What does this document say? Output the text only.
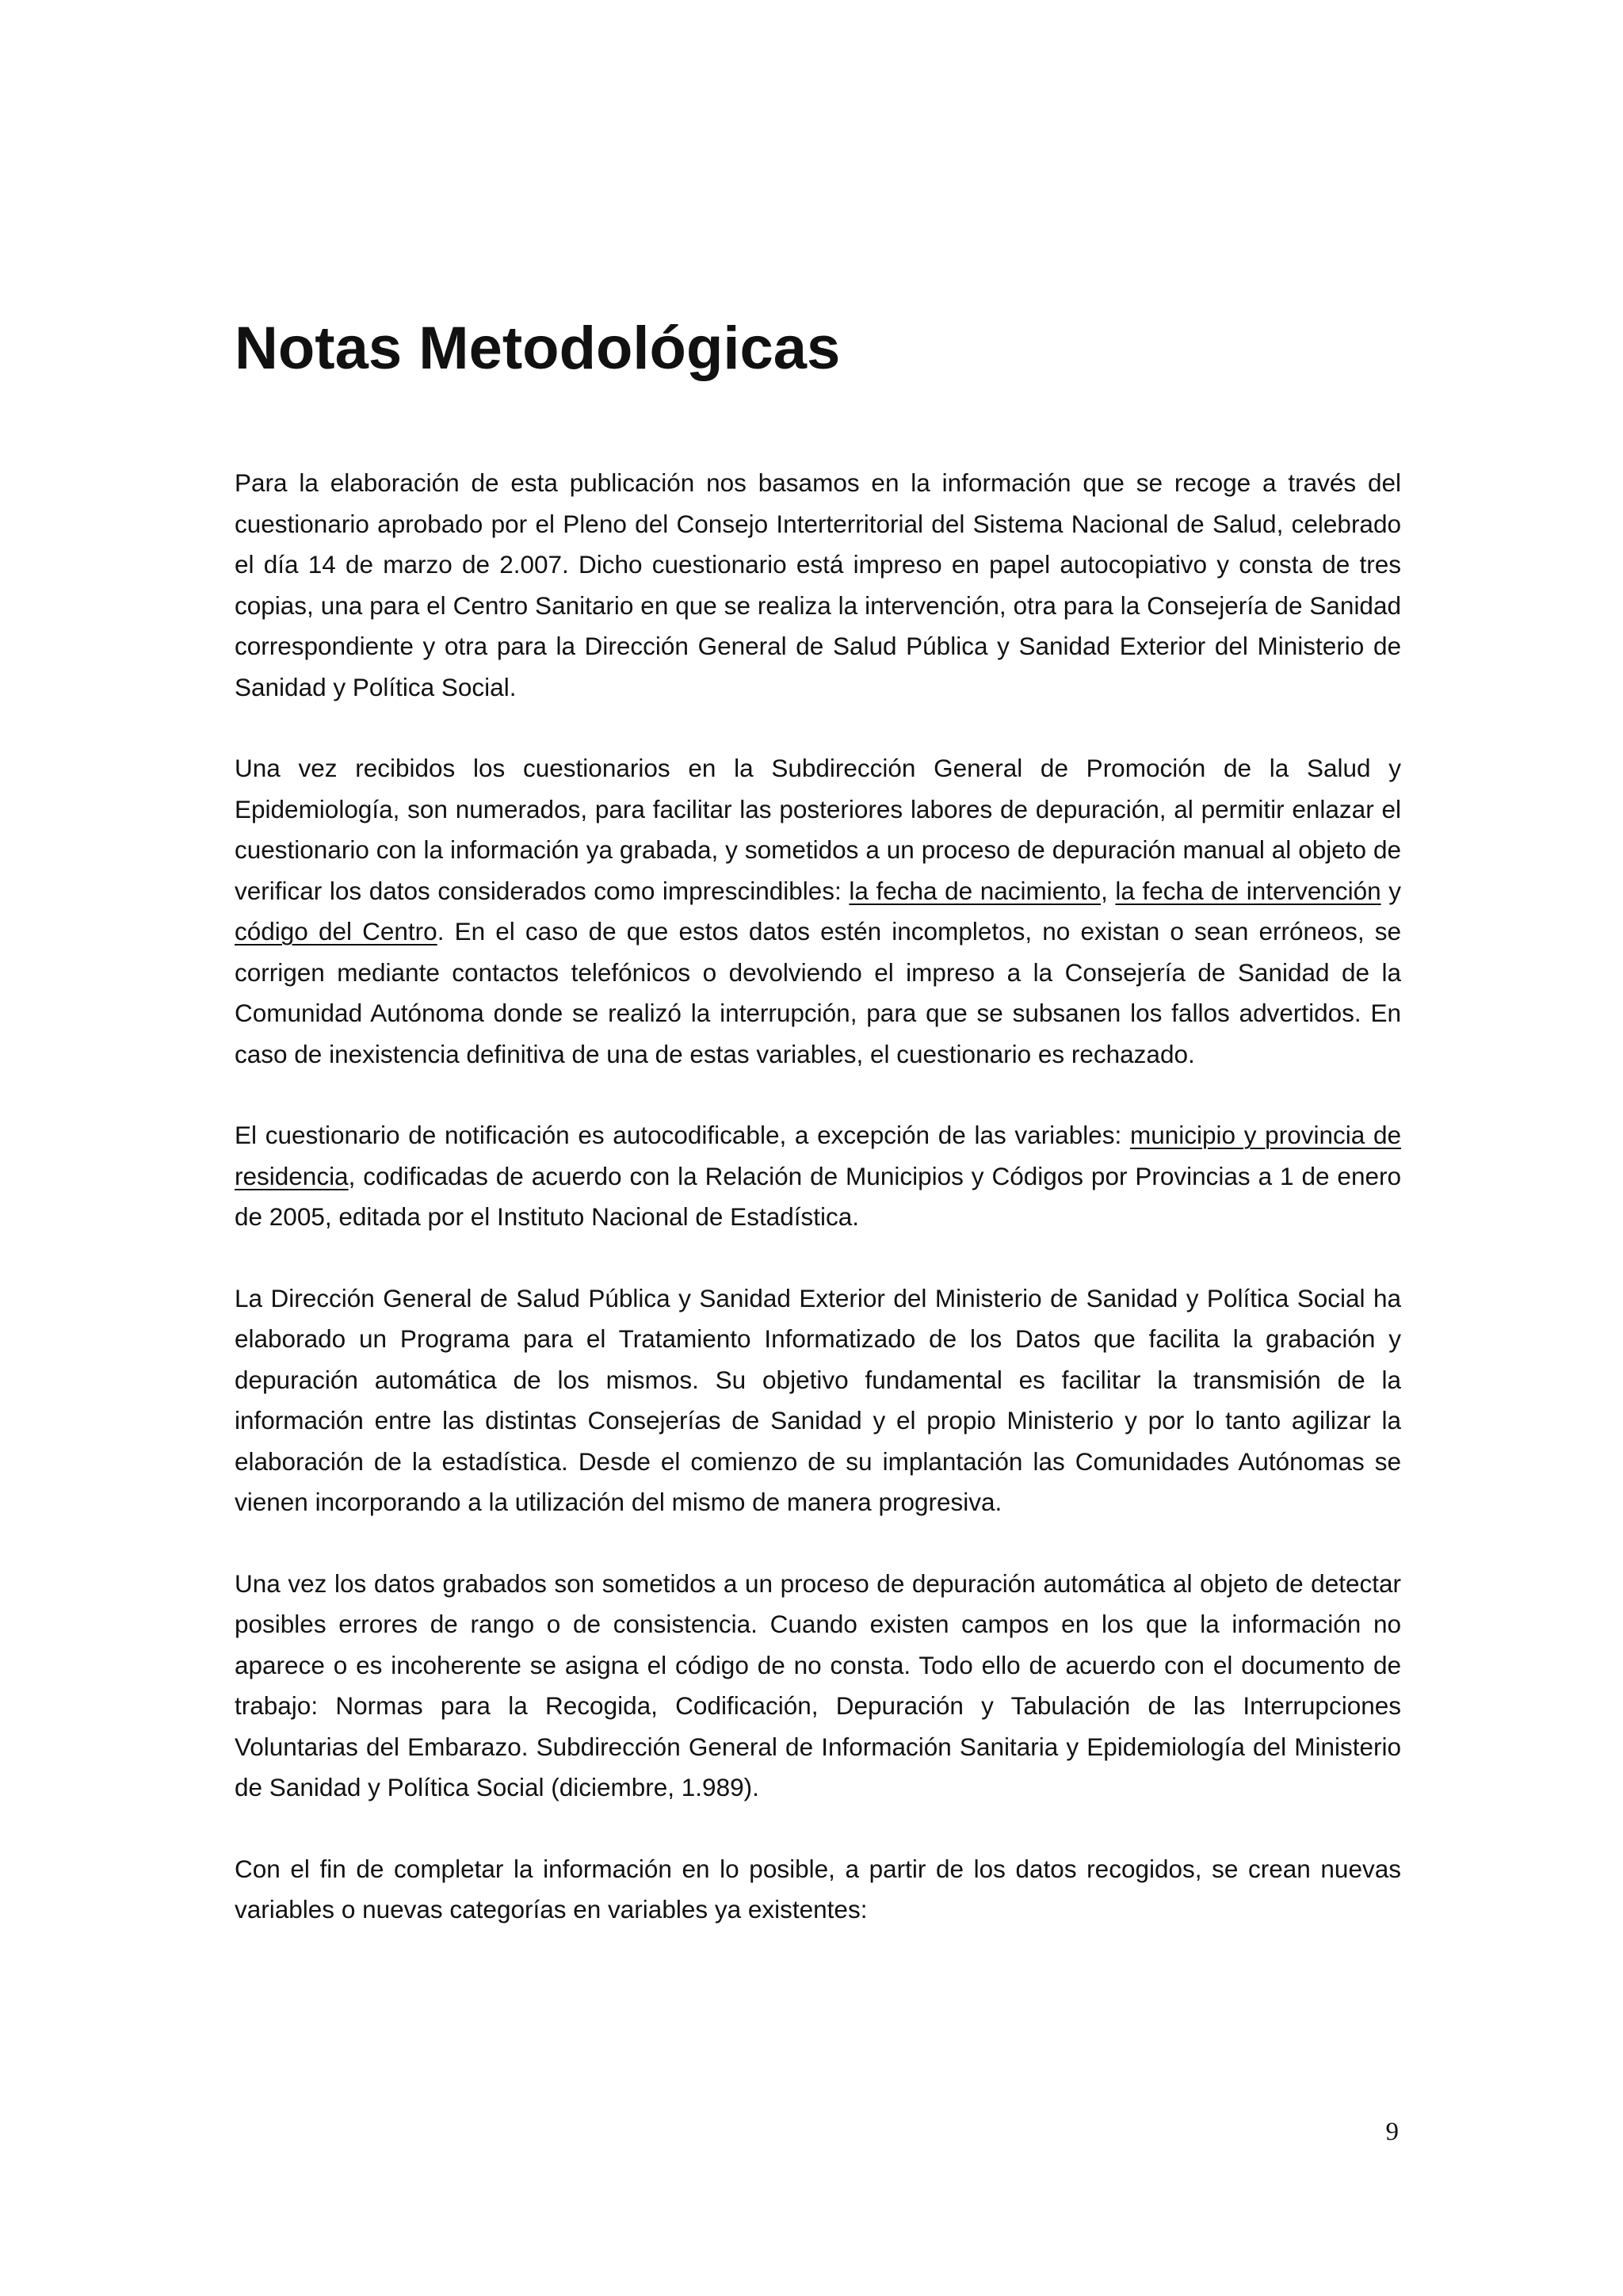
Notas Metodológicas

Para la elaboración de esta publicación nos basamos en la información que se recoge a través del cuestionario aprobado por el Pleno del Consejo Interterritorial del Sistema Nacional de Salud, celebrado el día 14 de marzo de 2.007. Dicho cuestionario está impreso en papel autocopiativo y consta de tres copias, una para el Centro Sanitario en que se realiza la intervención, otra para la Consejería de Sanidad correspondiente y otra para la Dirección General de Salud Pública y Sanidad Exterior del Ministerio de Sanidad y Política Social.

Una vez recibidos los cuestionarios en la Subdirección General de Promoción de la Salud y Epidemiología, son numerados, para facilitar las posteriores labores de depuración, al permitir enlazar el cuestionario con la información ya grabada, y sometidos a un proceso de depuración manual al objeto de verificar los datos considerados como imprescindibles: la fecha de nacimiento, la fecha de intervención y código del Centro. En el caso de que estos datos estén incompletos, no existan o sean erróneos, se corrigen mediante contactos telefónicos o devolviendo el impreso a la Consejería de Sanidad de la Comunidad Autónoma donde se realizó la interrupción, para que se subsanen los fallos advertidos. En caso de inexistencia definitiva de una de estas variables, el cuestionario es rechazado.

El cuestionario de notificación es autocodificable, a excepción de las variables: municipio y provincia de residencia, codificadas de acuerdo con la Relación de Municipios y Códigos por Provincias a 1 de enero de 2005, editada por el Instituto Nacional de Estadística.

La Dirección General de Salud Pública y Sanidad Exterior del Ministerio de Sanidad y Política Social ha elaborado un Programa para el Tratamiento Informatizado de los Datos que facilita la grabación y depuración automática de los mismos. Su objetivo fundamental es facilitar la transmisión de la información entre las distintas Consejerías de Sanidad y el propio Ministerio y por lo tanto agilizar la elaboración de la estadística. Desde el comienzo de su implantación las Comunidades Autónomas se vienen incorporando a la utilización del mismo de manera progresiva.

Una vez los datos grabados son sometidos a un proceso de depuración automática al objeto de detectar posibles errores de rango o de consistencia. Cuando existen campos en los que la información no aparece o es incoherente se asigna el código de no consta. Todo ello de acuerdo con el documento de trabajo: Normas para la Recogida, Codificación, Depuración y Tabulación de las Interrupciones Voluntarias del Embarazo. Subdirección General de Información Sanitaria y Epidemiología del Ministerio de Sanidad y Política Social (diciembre, 1.989).

Con el fin de completar la información en lo posible, a partir de los datos recogidos, se crean nuevas variables o nuevas categorías en variables ya existentes:

9
